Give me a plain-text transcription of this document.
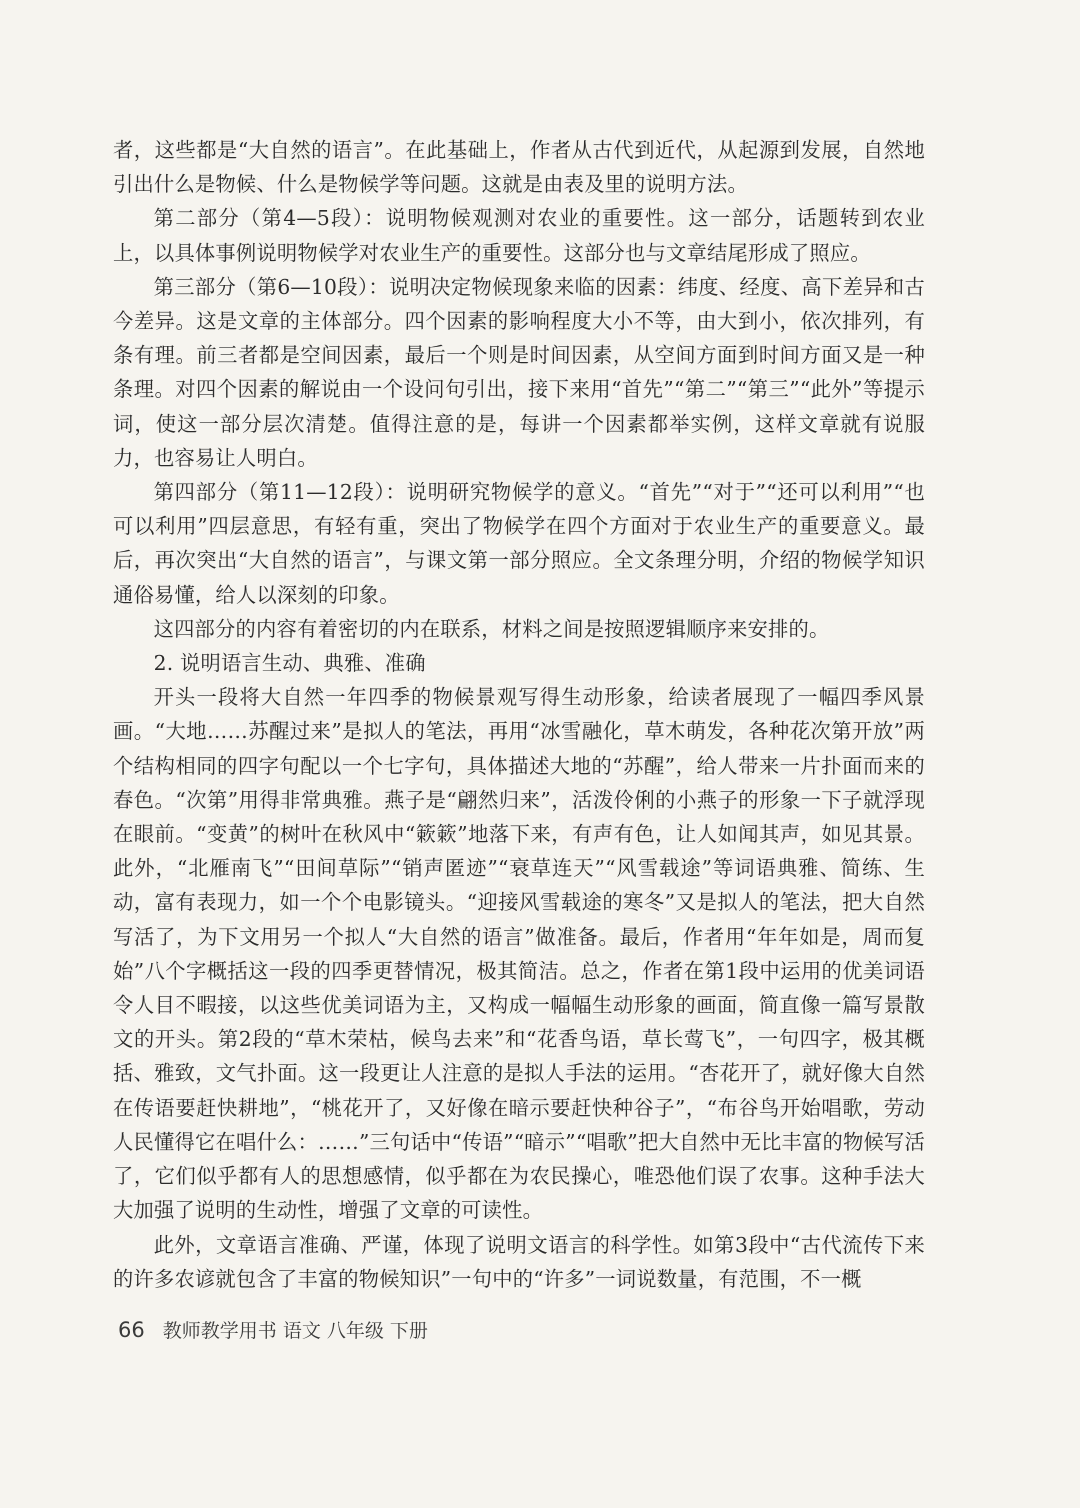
者，这些都是“大自然的语言”。在此基础上，作者从古代到近代，从起源到发展，自然地引出什么是物候、什么是物候学等问题。这就是由表及里的说明方法。

第二部分（第4—5段）：说明物候观测对农业的重要性。这一部分，话题转到农业上，以具体事例说明物候学对农业生产的重要性。这部分也与文章结尾形成了照应。

第三部分（第6—10段）：说明决定物候现象来临的因素：纬度、经度、高下差异和古今差异。这是文章的主体部分。四个因素的影响程度大小不等，由大到小，依次排列，有条有理。前三者都是空间因素，最后一个则是时间因素，从空间方面到时间方面又是一种条理。对四个因素的解说由一个设问句引出，接下来用“首先”“第二”“第三”“此外”等提示词，使这一部分层次清楚。值得注意的是，每讲一个因素都举实例，这样文章就有说服力，也容易让人明白。

第四部分（第11—12段）：说明研究物候学的意义。“首先”“对于”“还可以利用”“也可以利用”四层意思，有轻有重，突出了物候学在四个方面对于农业生产的重要意义。最后，再次突出“大自然的语言”，与课文第一部分照应。全文条理分明，介绍的物候学知识通俗易懂，给人以深刻的印象。

这四部分的内容有着密切的内在联系，材料之间是按照逻辑顺序来安排的。

2. 说明语言生动、典雅、准确

开头一段将大自然一年四季的物候景观写得生动形象，给读者展现了一幅四季风景画。“大地……苏醒过来”是拟人的笔法，再用“冰雪融化，草木萌发，各种花次第开放”两个结构相同的四字句配以一个七字句，具体描述大地的“苏醒”，给人带来一片扑面而来的春色。“次第”用得非常典雅。燕子是“翩然归来”，活泼伶俐的小燕子的形象一下子就浮现在眼前。“变黄”的树叶在秋风中“簌簌”地落下来，有声有色，让人如闻其声，如见其景。此外，“北雁南飞”“田间草际”“销声匿迹”“衰草连天”“风雪载途”等词语典雅、简练、生动，富有表现力，如一个个电影镜头。“迎接风雪载途的寒冬”又是拟人的笔法，把大自然写活了，为下文用另一个拟人“大自然的语言”做准备。最后，作者用“年年如是，周而复始”八个字概括这一段的四季更替情况，极其简洁。总之，作者在第1段中运用的优美词语令人目不暇接，以这些优美词语为主，又构成一幅幅生动形象的画面，简直像一篇写景散文的开头。第2段的“草木荣枯，候鸟去来”和“花香鸟语，草长莺飞”，一句四字，极其概括、雅致，文气扑面。这一段更让人注意的是拟人手法的运用。“杏花开了，就好像大自然在传语要赶快耕地”，“桃花开了，又好像在暗示要赶快种谷子”，“布谷鸟开始唱歌，劳动人民懂得它在唱什么：……”三句话中“传语”“暗示”“唱歌”把大自然中无比丰富的物候写活了，它们似乎都有人的思想感情，似乎都在为农民操心，唯恐他们误了农事。这种手法大大加强了说明的生动性，增强了文章的可读性。

此外，文章语言准确、严谨，体现了说明文语言的科学性。如第3段中“古代流传下来的许多农谚就包含了丰富的物候知识”一句中的“许多”一词说数量，有范围，不一概

66 教师教学用书 语文 八年级 下册
